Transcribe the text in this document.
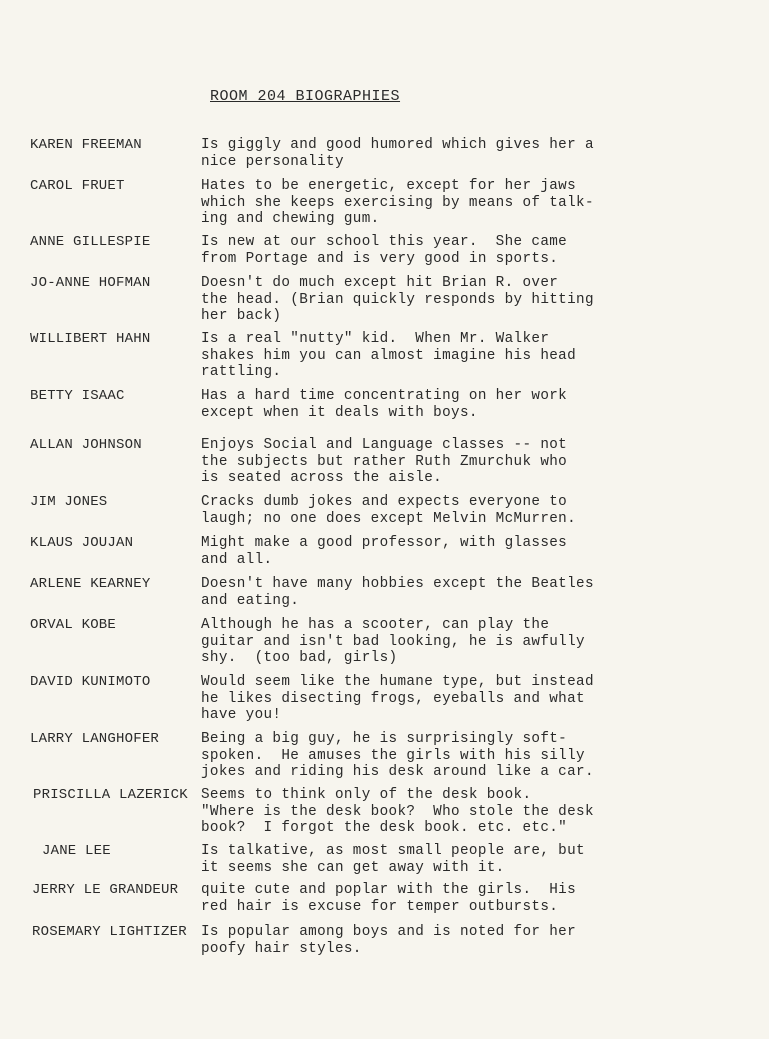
ROOM 204 BIOGRAPHIES
KAREN FREEMAN	Is giggly and good humored which gives her a
nice personality
CAROL FRUET	Hates to be energetic, except for her jaws
which she keeps exercising by means of talk-
ing and chewing gum.
ANNE GILLESPIE	Is new at our school this year.  She came
from Portage and is very good in sports.
JO-ANNE HOFMAN	Doesn't do much except hit Brian R. over
the head. (Brian quickly responds by hitting
her back)
WILLIBERT HAHN	Is a real "nutty" kid.  When Mr. Walker
shakes him you can almost imagine his head
rattling.
BETTY ISAAC	Has a hard time concentrating on her work
except when it deals with boys.
ALLAN JOHNSON	Enjoys Social and Language classes -- not
the subjects but rather Ruth Zmurchuk who
is seated across the aisle.
JIM JONES	Cracks dumb jokes and expects everyone to
laugh; no one does except Melvin McMurren.
KLAUS JOUJAN	Might make a good professor, with glasses
and all.
ARLENE KEARNEY	Doesn't have many hobbies except the Beatles
and eating.
ORVAL KOBE	Although he has a scooter, can play the
guitar and isn't bad looking, he is awfully
shy.  (too bad, girls)
DAVID KUNIMOTO	Would seem like the humane type, but instead
he likes disecting frogs, eyeballs and what
have you!
LARRY LANGHOFER	Being a big guy, he is surprisingly soft-
spoken.  He amuses the girls with his silly
jokes and riding his desk around like a car.
PRISCILLA LAZERICK Seems to think only of the desk book.
"Where is the desk book?  Who stole the desk
book?  I forgot the desk book. etc. etc."
JANE LEE	Is talkative, as most small people are, but
it seems she can get away with it.
JERRY LE GRANDEUR quite cute and poplar with the girls.  His
red hair is excuse for temper outbursts.
ROSEMARY LIGHTIZER Is popular among boys and is noted for her
poofy hair styles.
